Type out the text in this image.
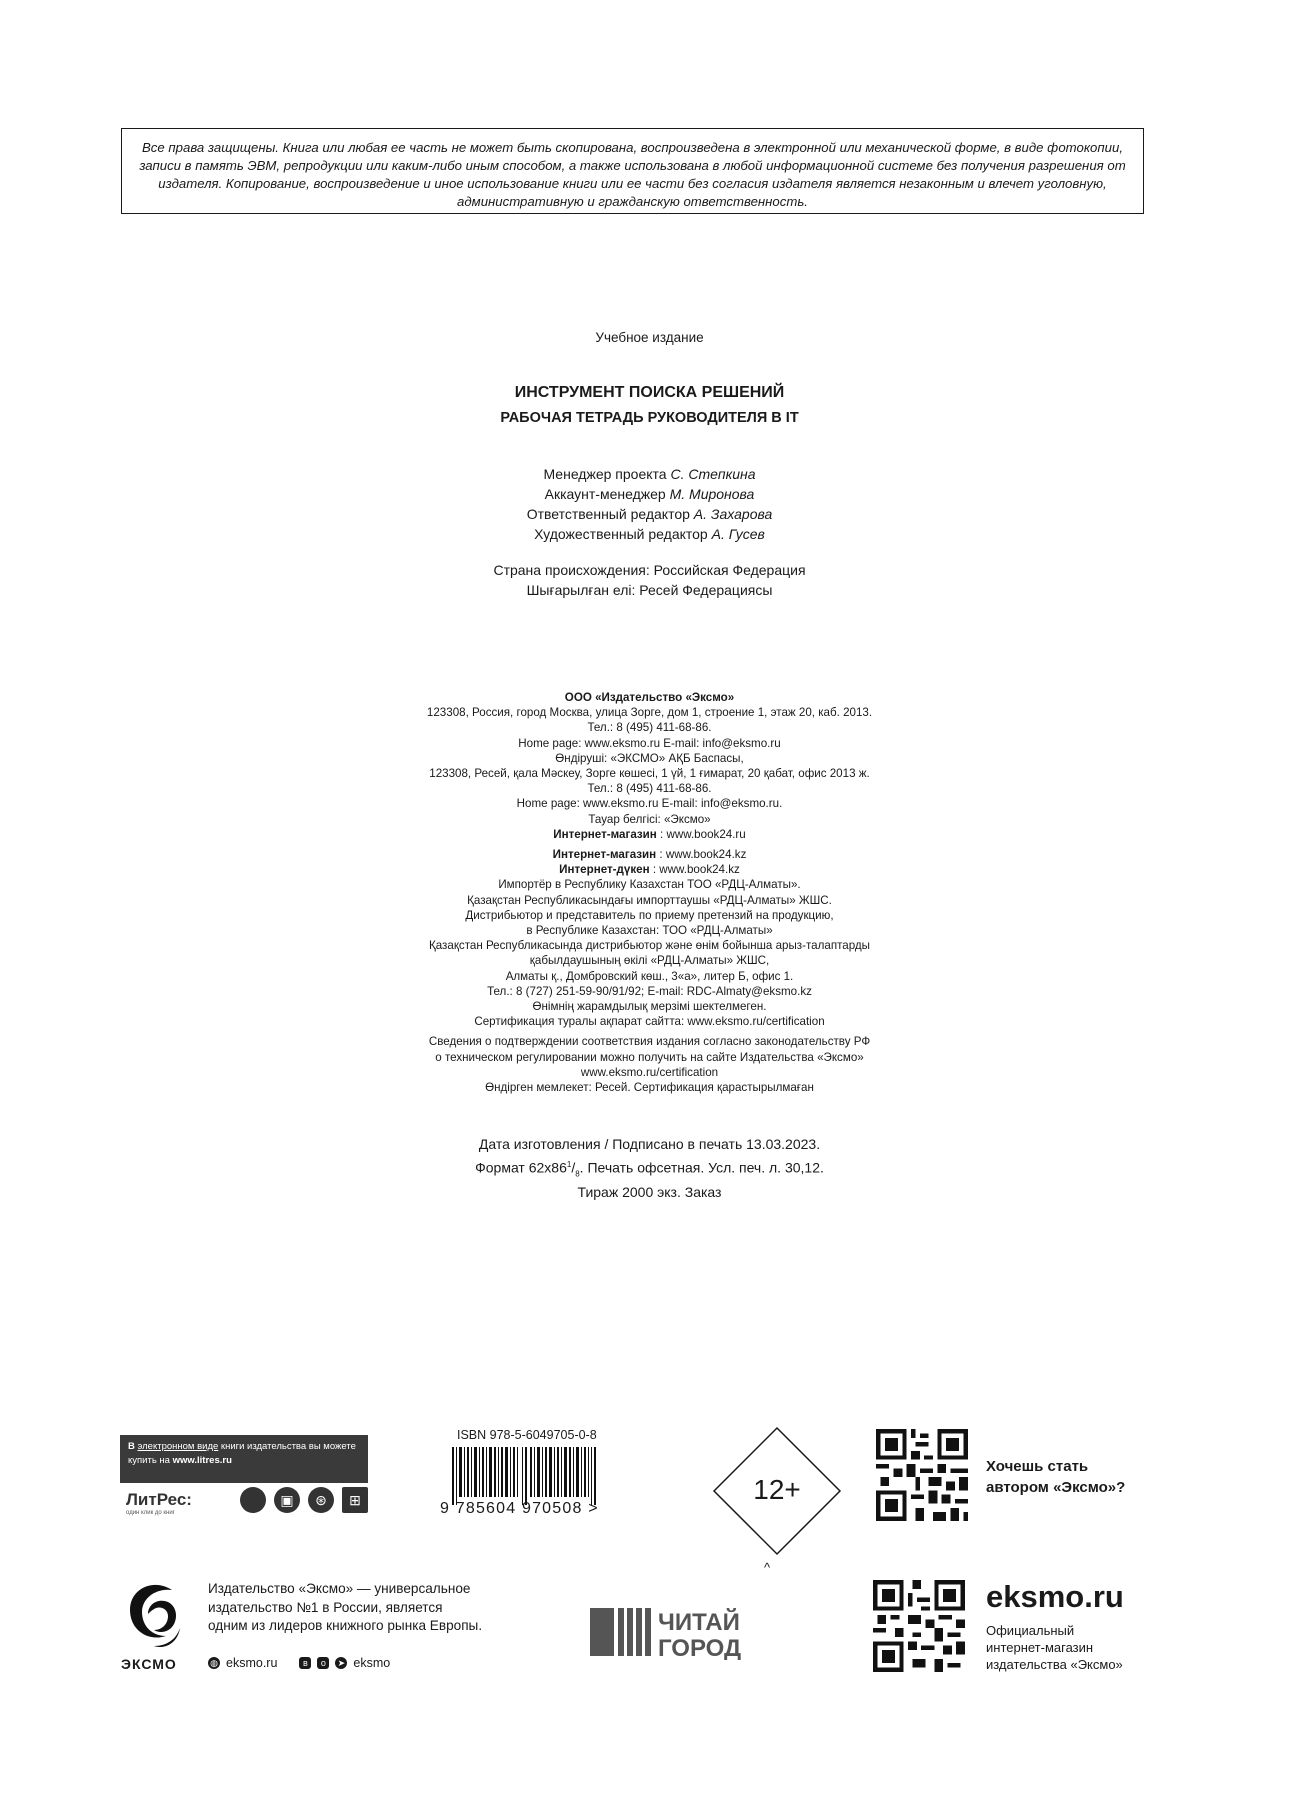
Все права защищены. Книга или любая ее часть не может быть скопирована, воспроизведена в электронной или механической форме, в виде фотокопии, записи в память ЭВМ, репродукции или каким-либо иным способом, а также использована в любой информационной системе без получения разрешения от издателя. Копирование, воспроизведение и иное использование книги или ее части без согласия издателя является незаконным и влечет уголовную, административную и гражданскую ответственность.
Учебное издание
ИНСТРУМЕНТ ПОИСКА РЕШЕНИЙ
РАБОЧАЯ ТЕТРАДЬ РУКОВОДИТЕЛЯ В IT
Менеджер проекта С. Степкина
Аккаунт-менеджер М. Миронова
Ответственный редактор А. Захарова
Художественный редактор А. Гусев
Страна происхождения: Российская Федерация
Шығарылған елі: Ресей Федерациясы
ООО «Издательство «Эксмо»
123308, Россия, город Москва, улица Зорге, дом 1, строение 1, этаж 20, каб. 2013.
Тел.: 8 (495) 411-68-86.
Home page: www.eksmo.ru E-mail: info@eksmo.ru
Өндіруші: «ЭКСМО» АҚБ Баспасы,
123308, Ресей, қала Мәскеу, Зорге көшесі, 1 үй, 1 ғимарат, 20 қабат, офис 2013 ж.
Тел.: 8 (495) 411-68-86.
Home page: www.eksmo.ru E-mail: info@eksmo.ru.
Тауар белгісі: «Эксмо»
Интернет-магазин : www.book24.ru
Интернет-магазин : www.book24.kz
Интернет-дүкен : www.book24.kz
Импортёр в Республику Казахстан ТОО «РДЦ-Алматы».
Қазақстан Республикасындағы импорттаушы «РДЦ-Алматы» ЖШС.
Дистрибьютор и представитель по приему претензий на продукцию,
в Республике Казахстан: ТОО «РДЦ-Алматы»
Қазақстан Республикасында дистрибьютор және өнім бойынша арыз-талаптарды
қабылдаушының өкілі «РДЦ-Алматы» ЖШС,
Алматы қ., Домбровский көш., 3«а», литер Б, офис 1.
Тел.: 8 (727) 251-59-90/91/92; E-mail: RDC-Almaty@eksmo.kz
Өнімнің жарамдылық мерзімі шектелмеген.
Сертификация туралы ақпарат сайтта: www.eksmo.ru/certification
Сведения о подтверждении соответствия издания согласно законодательству РФ
о техническом регулировании можно получить на сайте Издательства «Эксмо»
www.eksmo.ru/certification
Өндірген мемлекет: Ресей. Сертификация қарастырылмаған
Дата изготовления / Подписано в печать 13.03.2023.
Формат $62х86^1/_8$. Печать офсетная. Усл. печ. л. 30,12.
Тираж 2000 экз. Заказ
В электронном виде книги издательства вы можете
купить на www.litres.ru
ЛитРес:
один клик до книг
▣	⊛	⊞
ISBN 978-5-6049705-0-8
9 785604 970508 >
12+
^
Хочешь стать
автором «Эксмо»?
ЭКСМО
Издательство «Эксмо» — универсальное
издательство №1 в России, является
одним из лидеров книжного рынка Европы.
◍ eksmo.ru	в	о	➤ eksmo
ЧИТАЙ
ГОРОД
eksmo.ru
Официальный
интернет-магазин
издательства «Эксмо»
